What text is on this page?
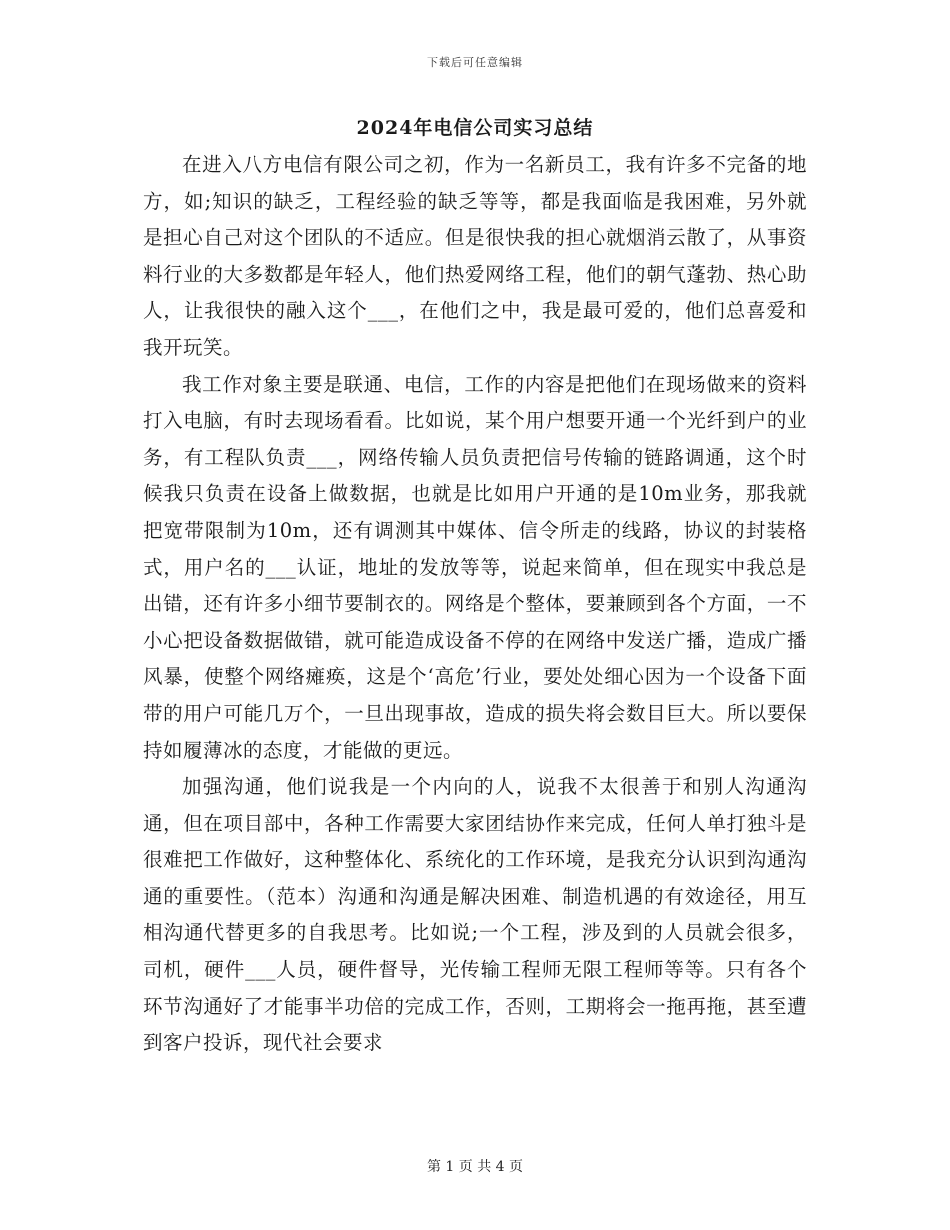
下载后可任意编辑
2024年电信公司实习总结

在进入八方电信有限公司之初，作为一名新员工，我有许多不完备的地方，如;知识的缺乏，工程经验的缺乏等等，都是我面临是我困难，另外就是担心自己对这个团队的不适应。但是很快我的担心就烟消云散了，从事资料行业的大多数都是年轻人，他们热爱网络工程，他们的朝气蓬勃、热心助人，让我很快的融入这个___，在他们之中，我是最可爱的，他们总喜爱和我开玩笑。

我工作对象主要是联通、电信，工作的内容是把他们在现场做来的资料打入电脑，有时去现场看看。比如说，某个用户想要开通一个光纤到户的业务，有工程队负责___，网络传输人员负责把信号传输的链路调通，这个时候我只负责在设备上做数据，也就是比如用户开通的是10m业务，那我就把宽带限制为10m，还有调测其中媒体、信令所走的线路，协议的封装格式，用户名的___认证，地址的发放等等，说起来简单，但在现实中我总是出错，还有许多小细节要制衣的。网络是个整体，要兼顾到各个方面，一不小心把设备数据做错，就可能造成设备不停的在网络中发送广播，造成广播风暴，使整个网络瘫痪，这是个‘高危’行业，要处处细心因为一个设备下面带的用户可能几万个，一旦出现事故，造成的损失将会数目巨大。所以要保持如履薄冰的态度，才能做的更远。

加强沟通，他们说我是一个内向的人，说我不太很善于和别人沟通沟通，但在项目部中，各种工作需要大家团结协作来完成，任何人单打独斗是很难把工作做好，这种整体化、系统化的工作环境，是我充分认识到沟通沟通的重要性。（范本）沟通和沟通是解决困难、制造机遇的有效途径，用互相沟通代替更多的自我思考。比如说;一个工程，涉及到的人员就会很多，司机，硬件___人员，硬件督导，光传输工程师无限工程师等等。只有各个环节沟通好了才能事半功倍的完成工作，否则，工期将会一拖再拖，甚至遭到客户投诉，现代社会要求

第 1 页 共 4 页
